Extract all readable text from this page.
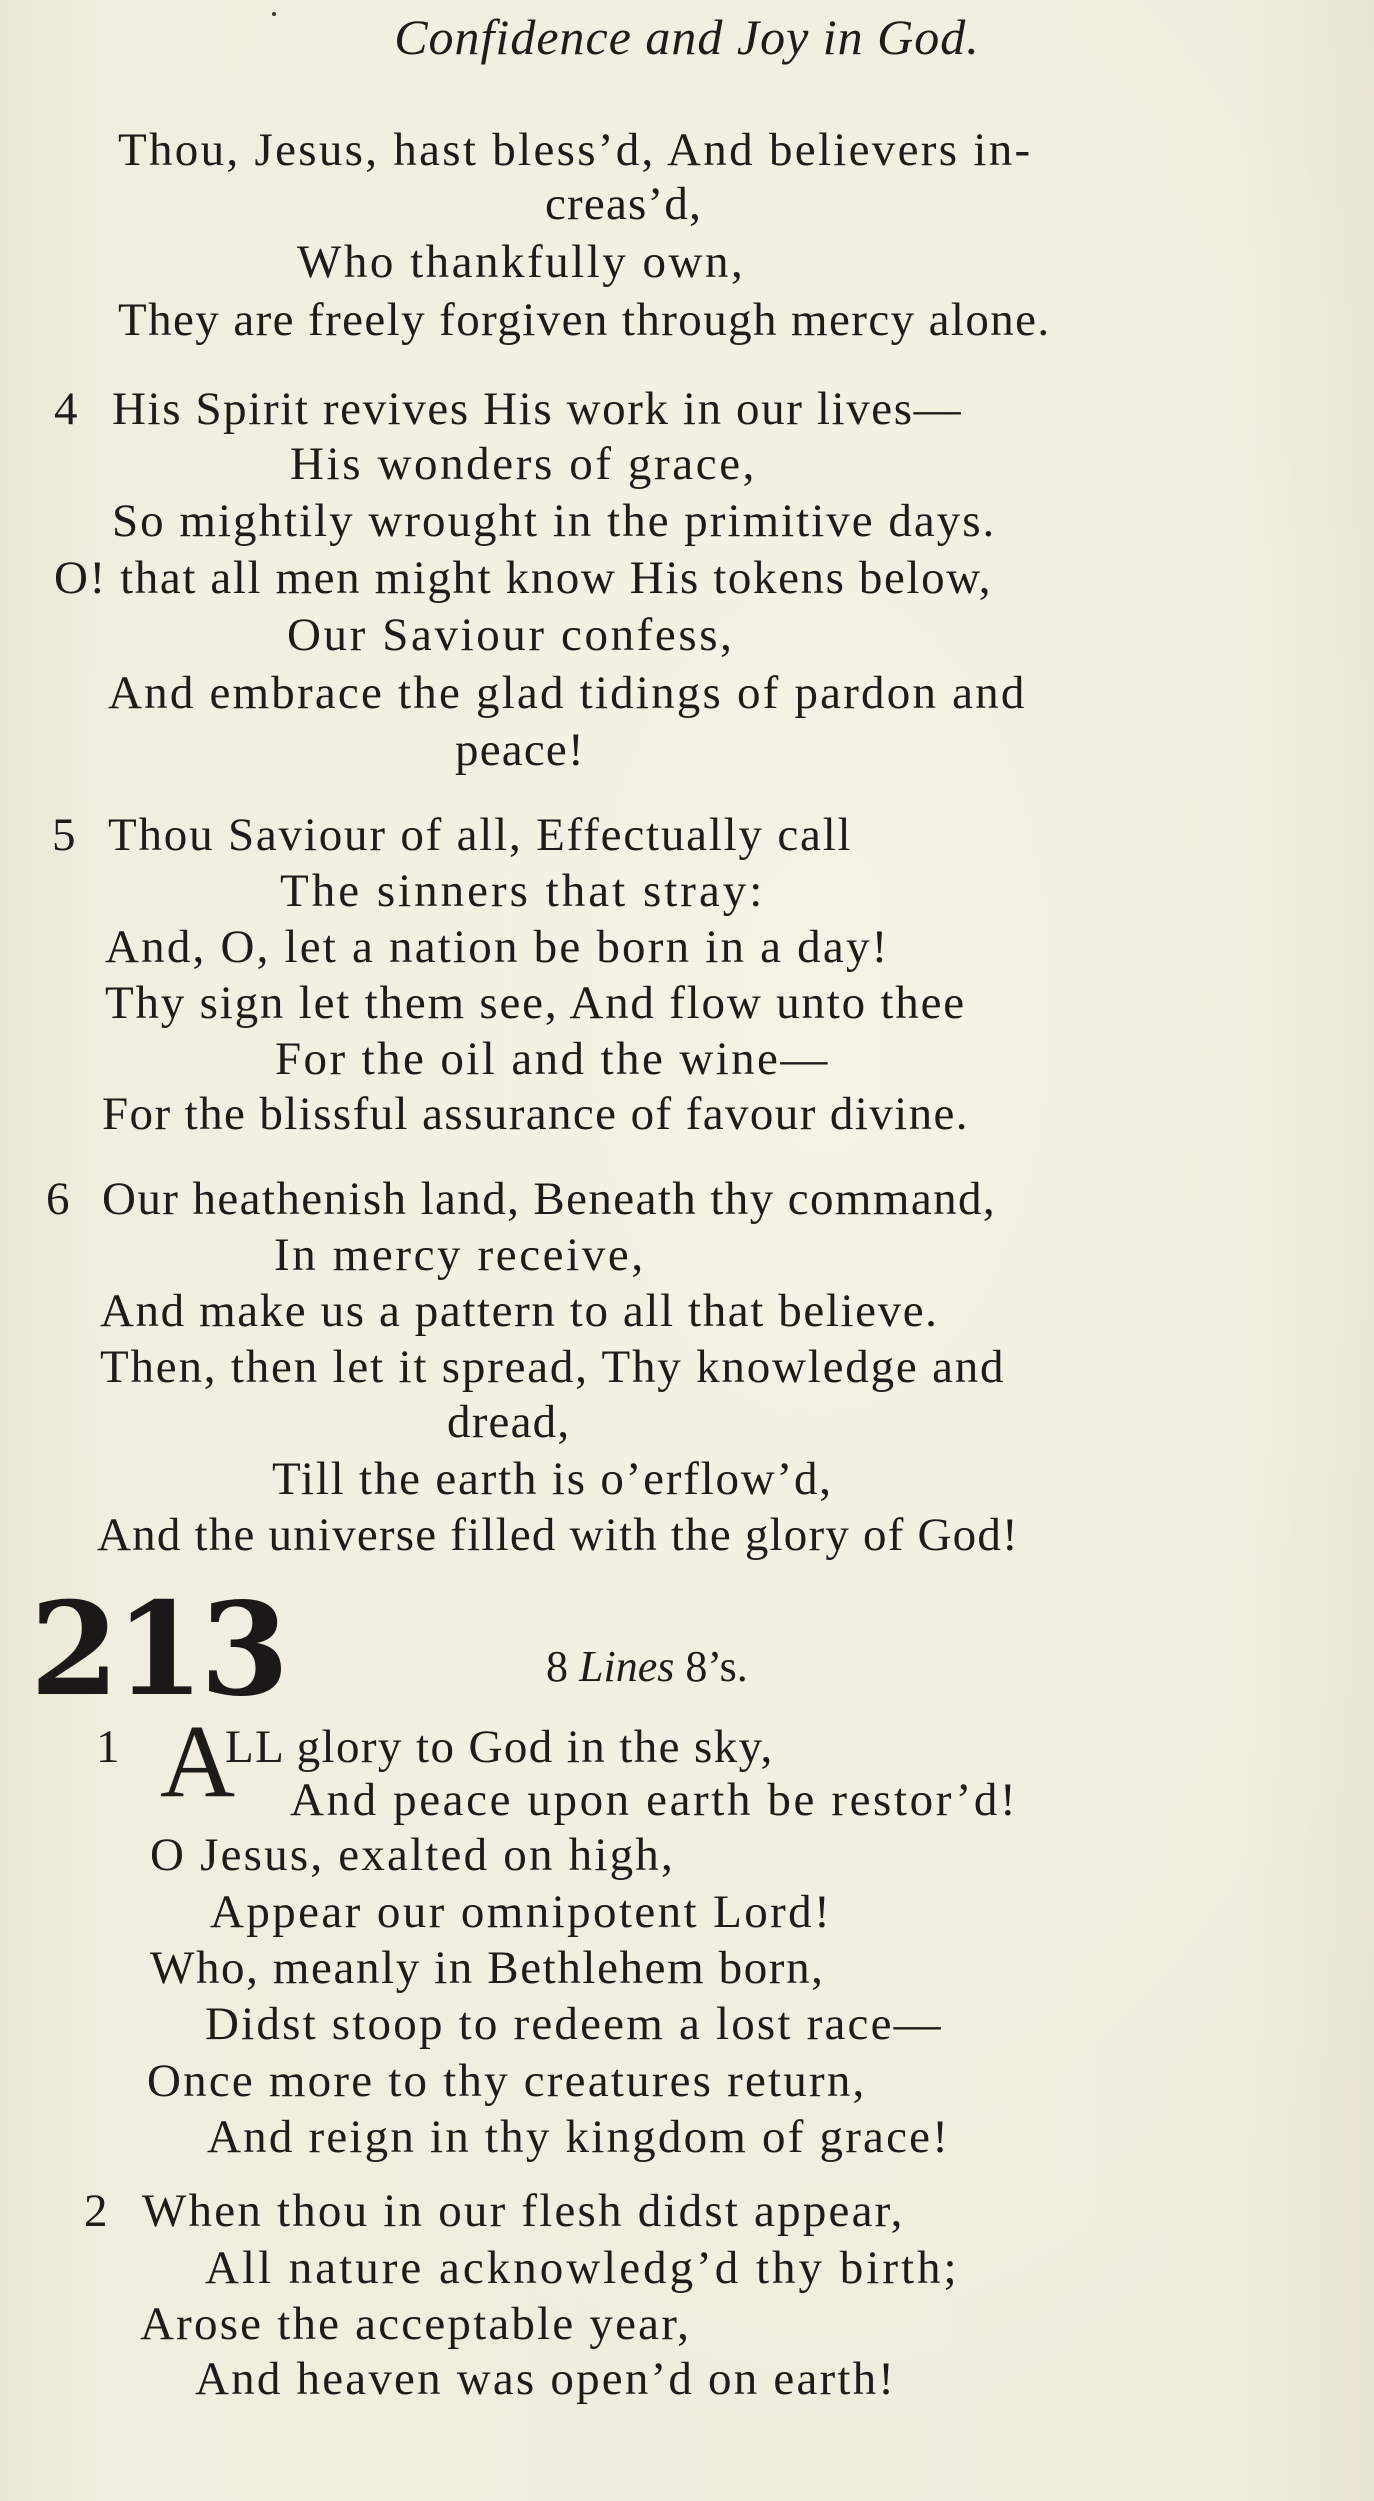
Confidence and Joy in God.
Thou, Jesus, hast bless’d, And believers in-
creas’d,
Who thankfully own,
They are freely forgiven through mercy alone.
4 His Spirit revives His work in our lives—
His wonders of grace,
So mightily wrought in the primitive days.
O! that all men might know His tokens below,
Our Saviour confess,
And embrace the glad tidings of pardon and
peace!
5 Thou Saviour of all, Effectually call
The sinners that stray:
And, O, let a nation be born in a day!
Thy sign let them see, And flow unto thee
For the oil and the wine—
For the blissful assurance of favour divine.
6 Our heathenish land, Beneath thy command,
In mercy receive,
And make us a pattern to all that believe.
Then, then let it spread, Thy knowledge and
dread,
Till the earth is o’erflow’d,
And the universe filled with the glory of God!
213	8 Lines 8’s.
1 A
LL glory to God in the sky,
And peace upon earth be restor’d!
O Jesus, exalted on high,
Appear our omnipotent Lord!
Who, meanly in Bethlehem born,
Didst stoop to redeem a lost race—
Once more to thy creatures return,
And reign in thy kingdom of grace!
2 When thou in our flesh didst appear,
All nature acknowledg’d thy birth;
Arose the acceptable year,
And heaven was open’d on earth!
